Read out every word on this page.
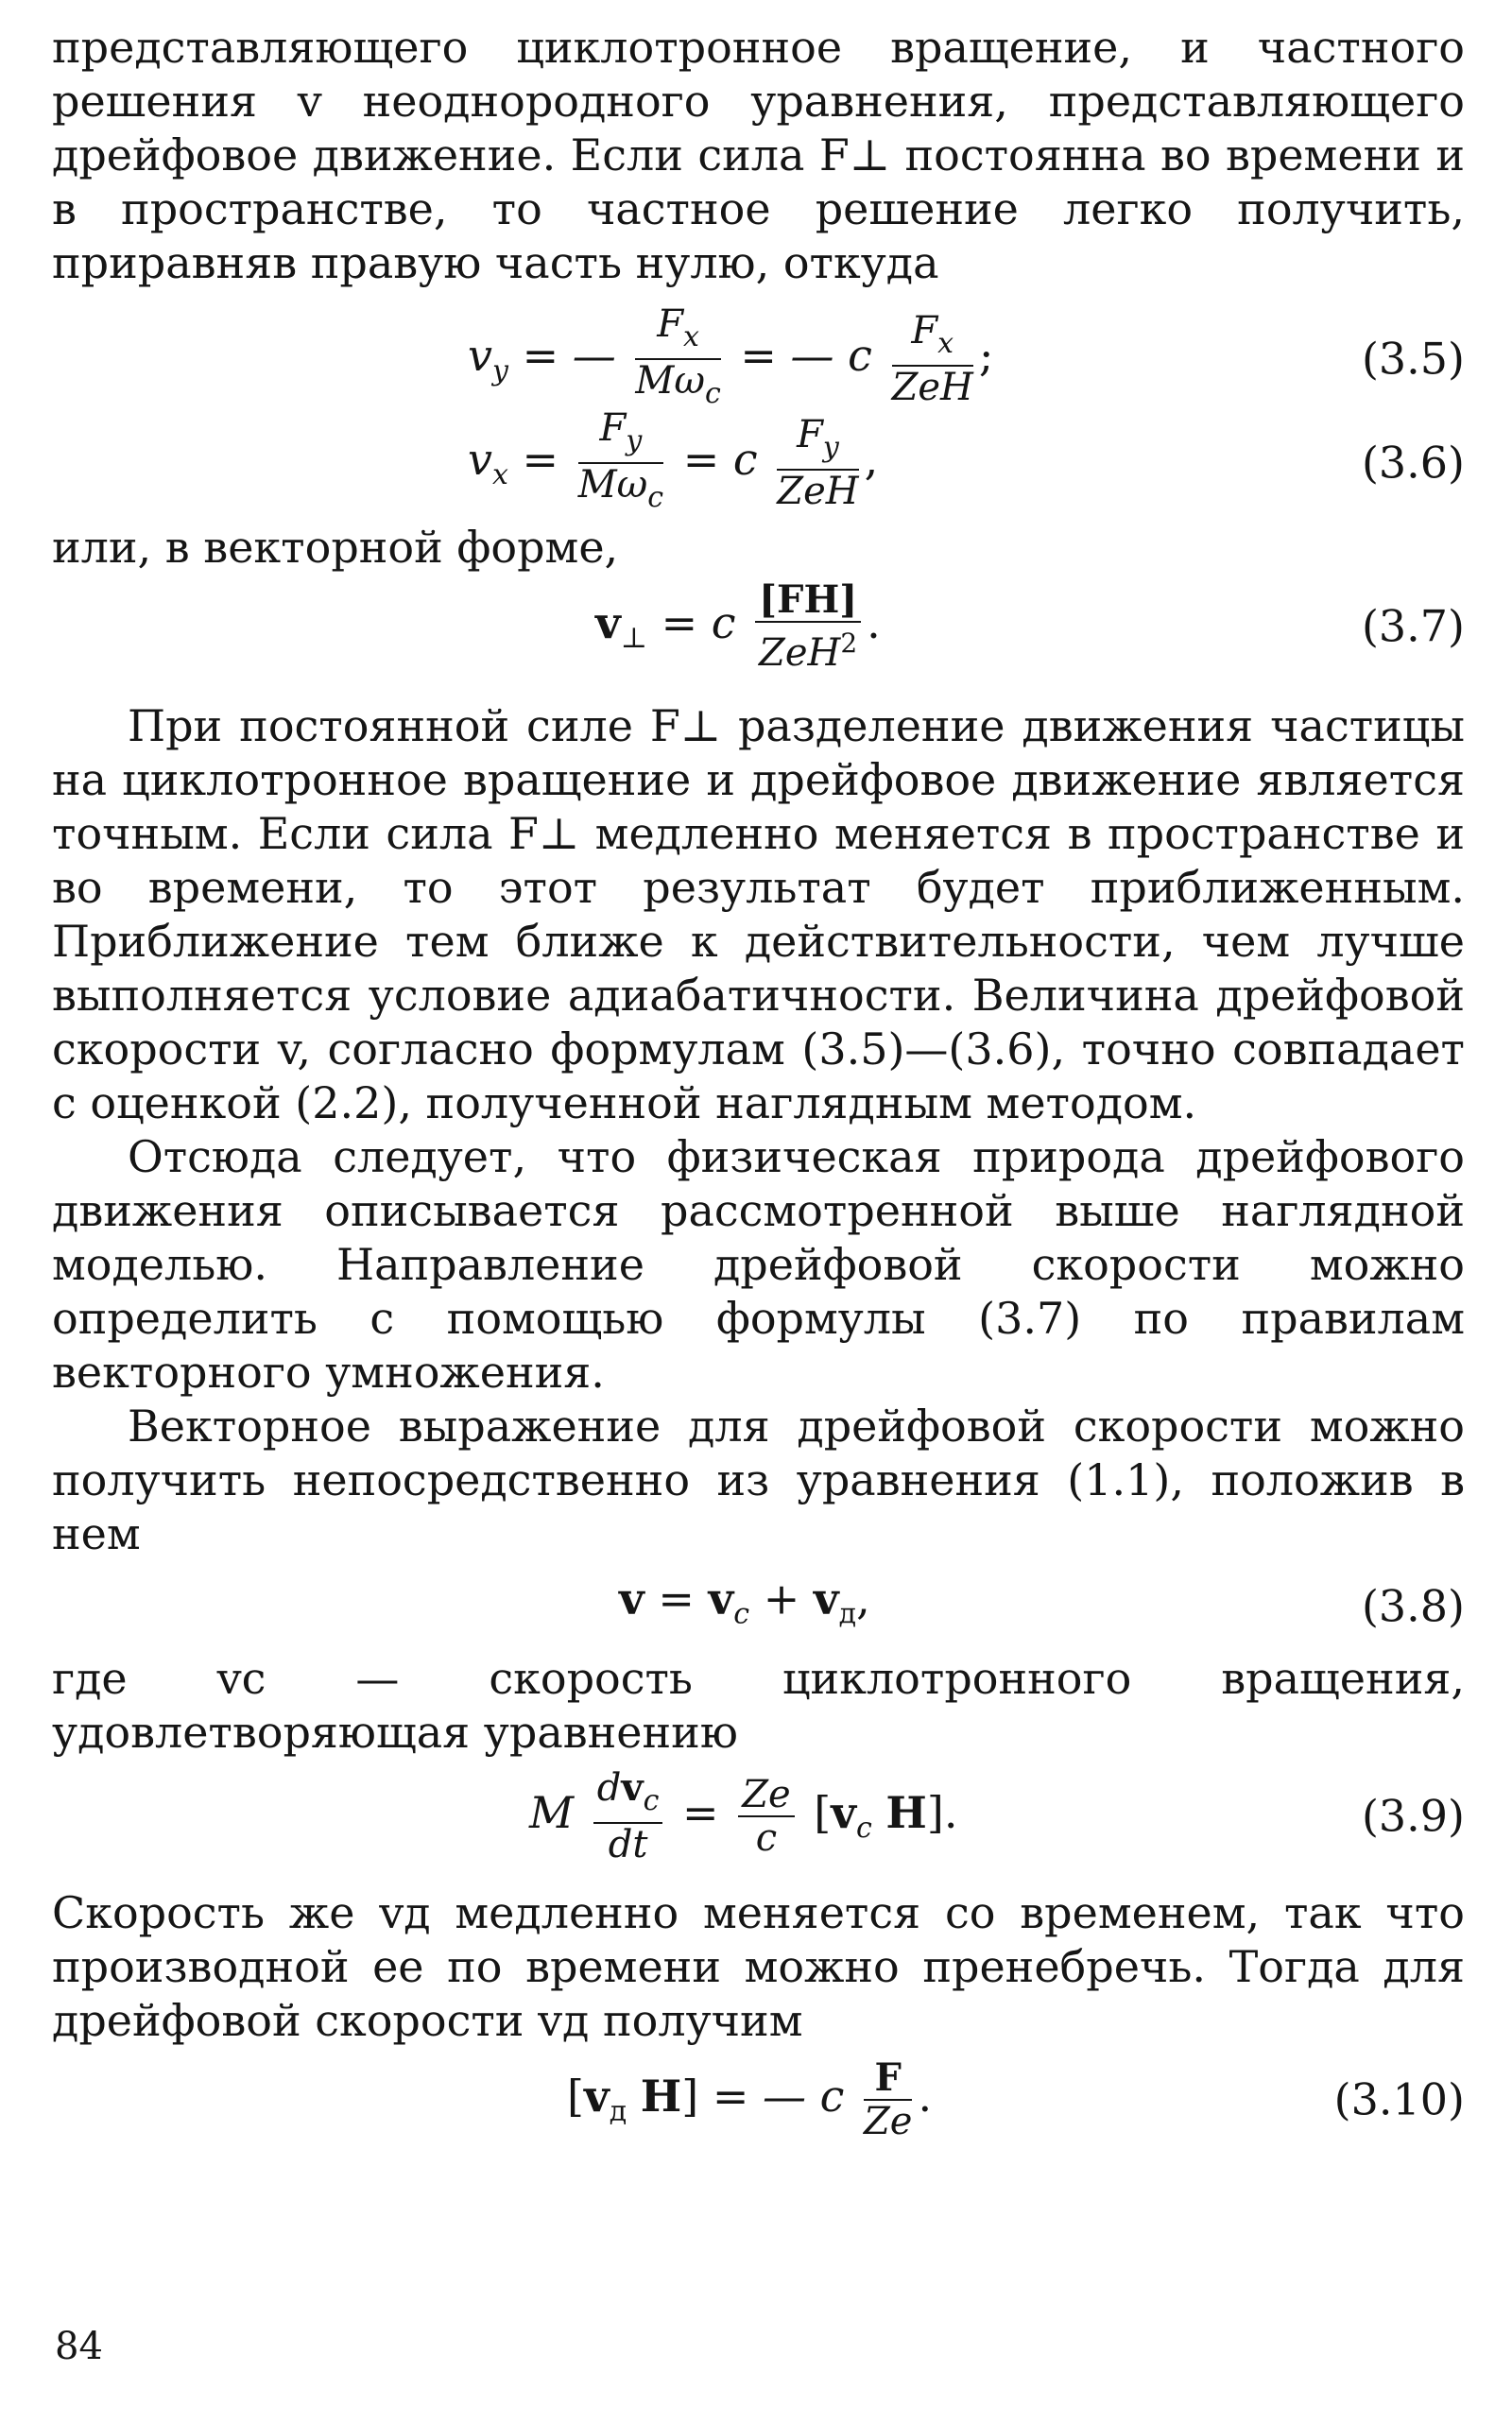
представляющего циклотронное вращение, и частного решения v неоднородного уравнения, представляющего дрейфовое движение. Если сила F⊥ постоянна во времени и в пространстве, то частное решение легко получить, приравняв правую часть нулю, откуда

$v_y$ = — $\frac{F_x}{M\omega_c}$ = — c $\frac{F_x}{\text{ZeH}}$ ;	(3.5)
$v_x = \frac{F_y}{M\omega_c} = c \frac{F_y}{\text{ZeH}}$ ,	(3.6)

или, в векторной форме,

$v_\perp = c \frac{[FH]}{ZeH^2}$ .	(3.7)

При постоянной силе F⊥ разделение движения частицы на циклотронное вращение и дрейфовое движение является точным. Если сила F⊥ медленно меняется в пространстве и во времени, то этот результат будет приближенным. Приближение тем ближе к действительности, чем лучше выполняется условие адиабатичности. Величина дрейфовой скорости v, согласно формулам (3.5)—(3.6), точно совпадает с оценкой (2.2), полученной наглядным методом.

Отсюда следует, что физическая природа дрейфового движения описывается рассмотренной выше наглядной моделью. Направление дрейфовой скорости можно определить с помощью формулы (3.7) по правилам векторного умножения.

Векторное выражение для дрейфовой скорости можно получить непосредственно из уравнения (1.1), положив в нем

$v = v_c + v_д$,	(3.8)

где vc — скорость циклотронного вращения, удовлетворяющая уравнению

M $\frac{dv_c}{dt} = \frac{Ze}{c} [v_c$ H].	(3.9)

Скорость же vд медленно меняется со временем, так что производной ее по времени можно пренебречь. Тогда для дрейфовой скорости vд получим

[$v_д$ H] = — c $\frac{F}{Ze}$ .	(3.10)
84
